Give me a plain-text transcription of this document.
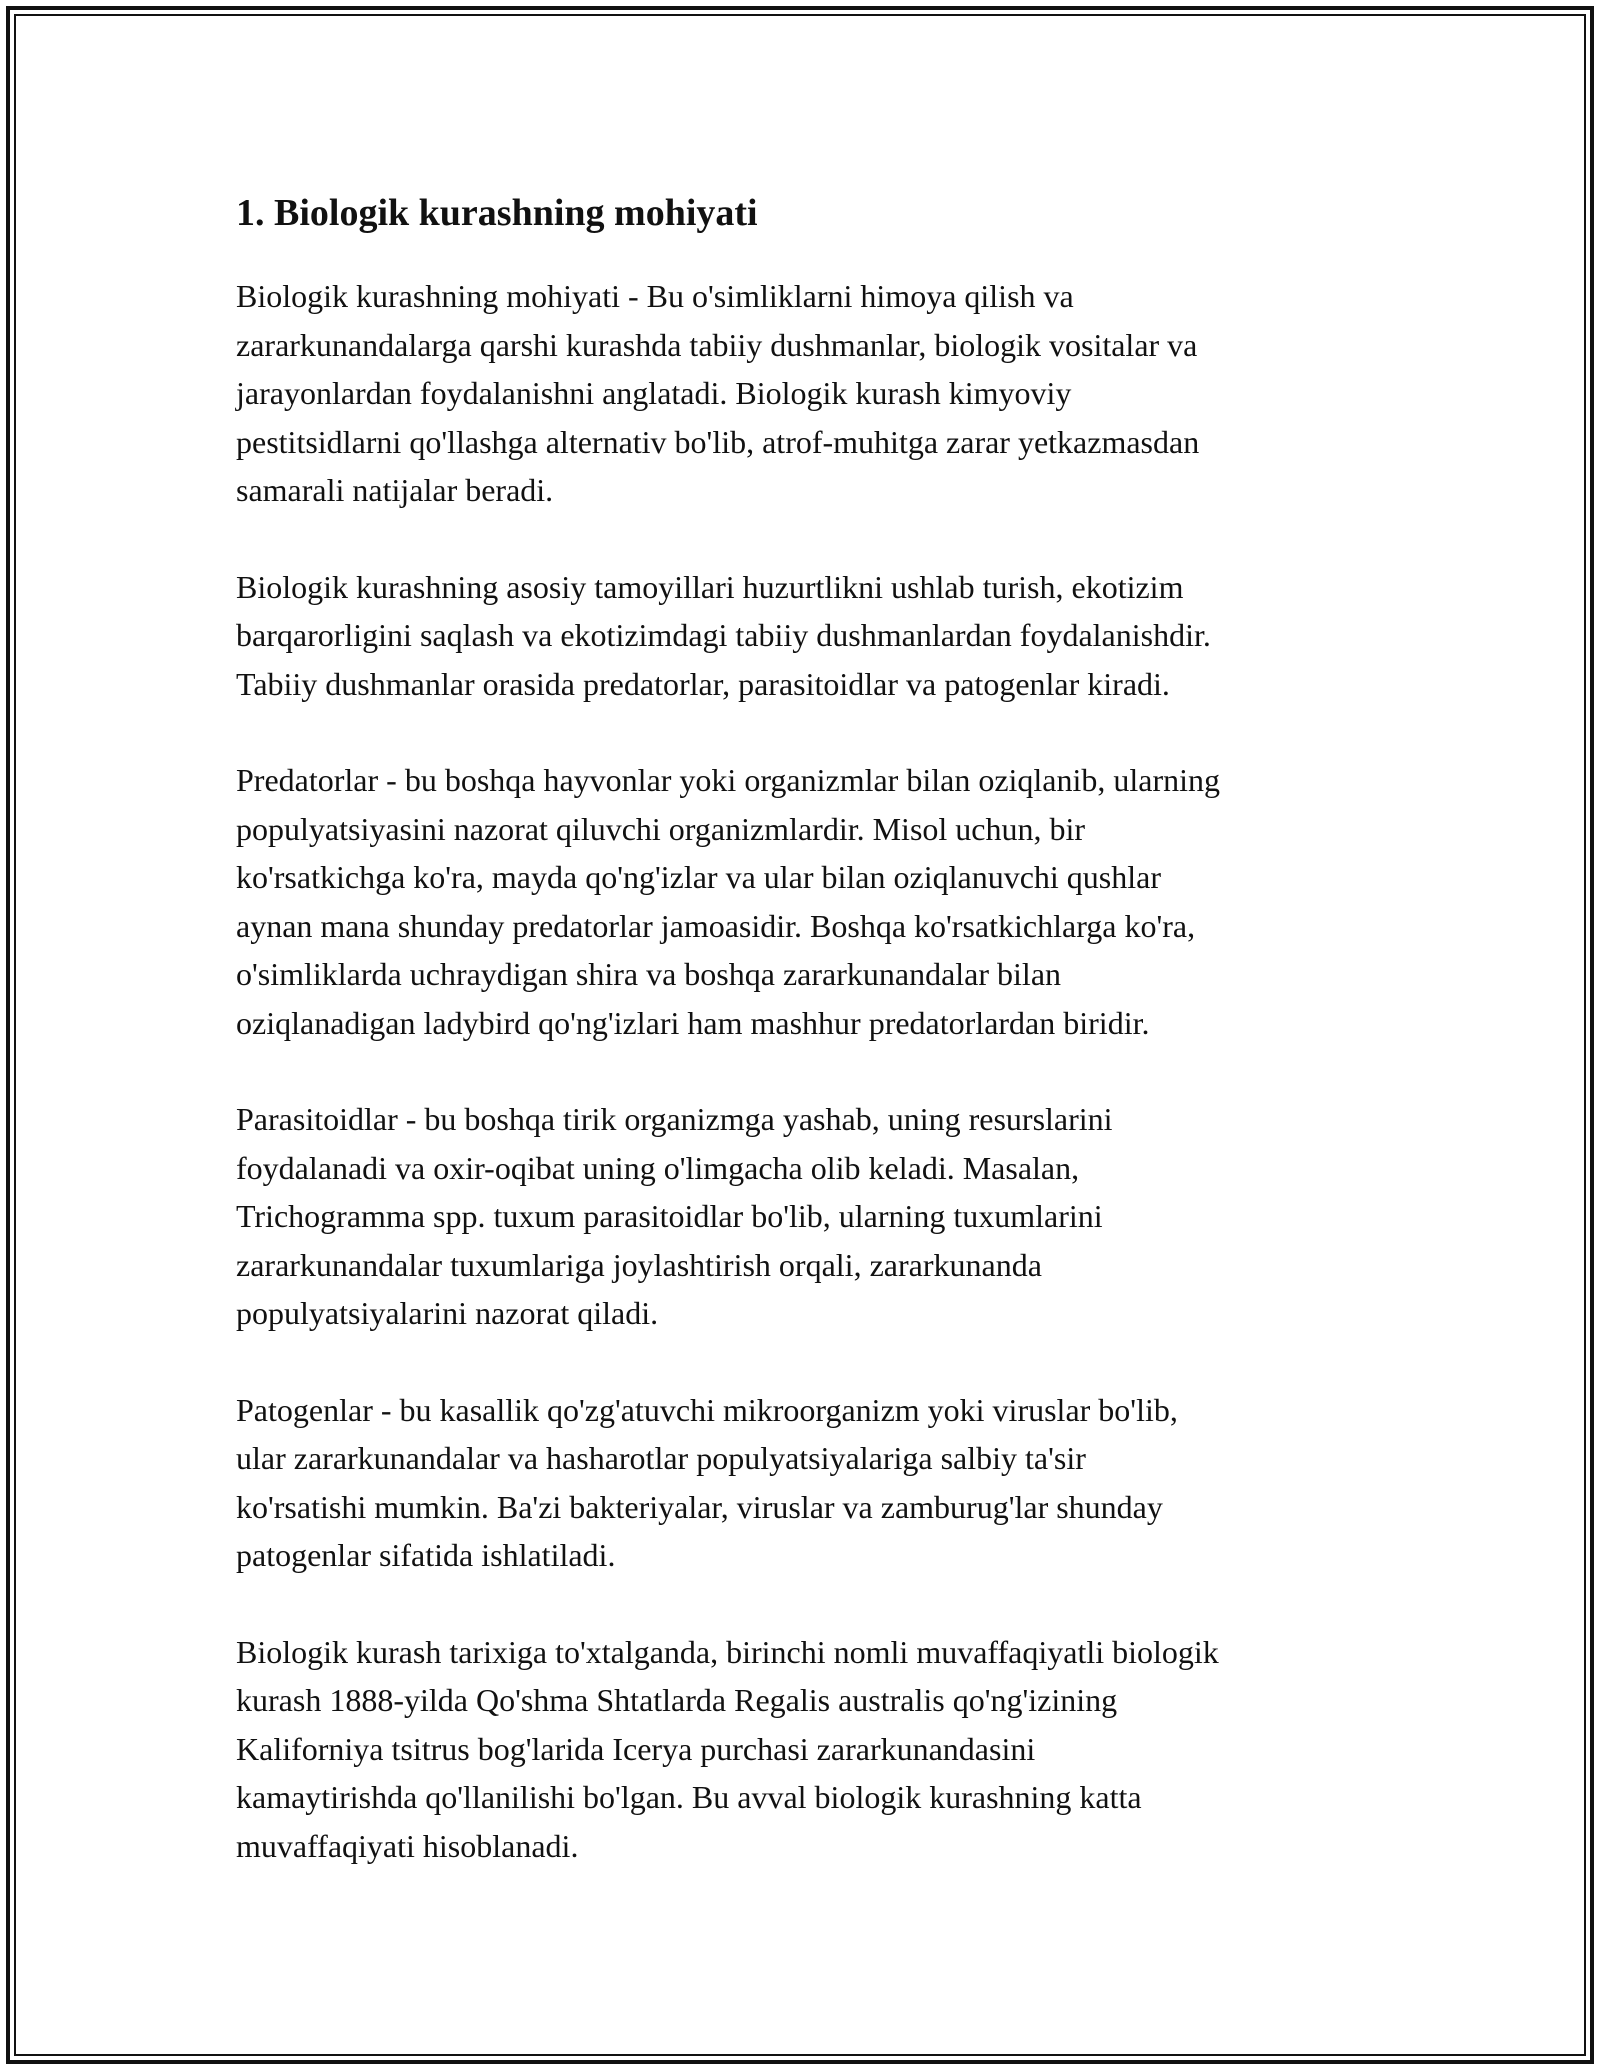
1. Biologik kurashning mohiyati

Biologik kurashning mohiyati - Bu o'simliklarni himoya qilish va
zararkunandalarga qarshi kurashda tabiiy dushmanlar, biologik vositalar va
jarayonlardan foydalanishni anglatadi. Biologik kurash kimyoviy
pestitsidlarni qo'llashga alternativ bo'lib, atrof-muhitga zarar yetkazmasdan
samarali natijalar beradi.

Biologik kurashning asosiy tamoyillari huzurtlikni ushlab turish, ekotizim
barqarorligini saqlash va ekotizimdagi tabiiy dushmanlardan foydalanishdir.
Tabiiy dushmanlar orasida predatorlar, parasitoidlar va patogenlar kiradi.

Predatorlar - bu boshqa hayvonlar yoki organizmlar bilan oziqlanib, ularning
populyatsiyasini nazorat qiluvchi organizmlardir. Misol uchun, bir
ko'rsatkichga ko'ra, mayda qo'ng'izlar va ular bilan oziqlanuvchi qushlar
aynan mana shunday predatorlar jamoasidir. Boshqa ko'rsatkichlarga ko'ra,
o'simliklarda uchraydigan shira va boshqa zararkunandalar bilan
oziqlanadigan ladybird qo'ng'izlari ham mashhur predatorlardan biridir.

Parasitoidlar - bu boshqa tirik organizmga yashab, uning resurslarini
foydalanadi va oxir-oqibat uning o'limgacha olib keladi. Masalan,
Trichogramma spp. tuxum parasitoidlar bo'lib, ularning tuxumlarini
zararkunandalar tuxumlariga joylashtirish orqali, zararkunanda
populyatsiyalarini nazorat qiladi.

Patogenlar - bu kasallik qo'zg'atuvchi mikroorganizm yoki viruslar bo'lib,
ular zararkunandalar va hasharotlar populyatsiyalariga salbiy ta'sir
ko'rsatishi mumkin. Ba'zi bakteriyalar, viruslar va zamburug'lar shunday
patogenlar sifatida ishlatiladi.

Biologik kurash tarixiga to'xtalganda, birinchi nomli muvaffaqiyatli biologik
kurash 1888-yilda Qo'shma Shtatlarda Regalis australis qo'ng'izining
Kaliforniya tsitrus bog'larida Icerya purchasi zararkunandasini
kamaytirishda qo'llanilishi bo'lgan. Bu avval biologik kurashning katta
muvaffaqiyati hisoblanadi.
